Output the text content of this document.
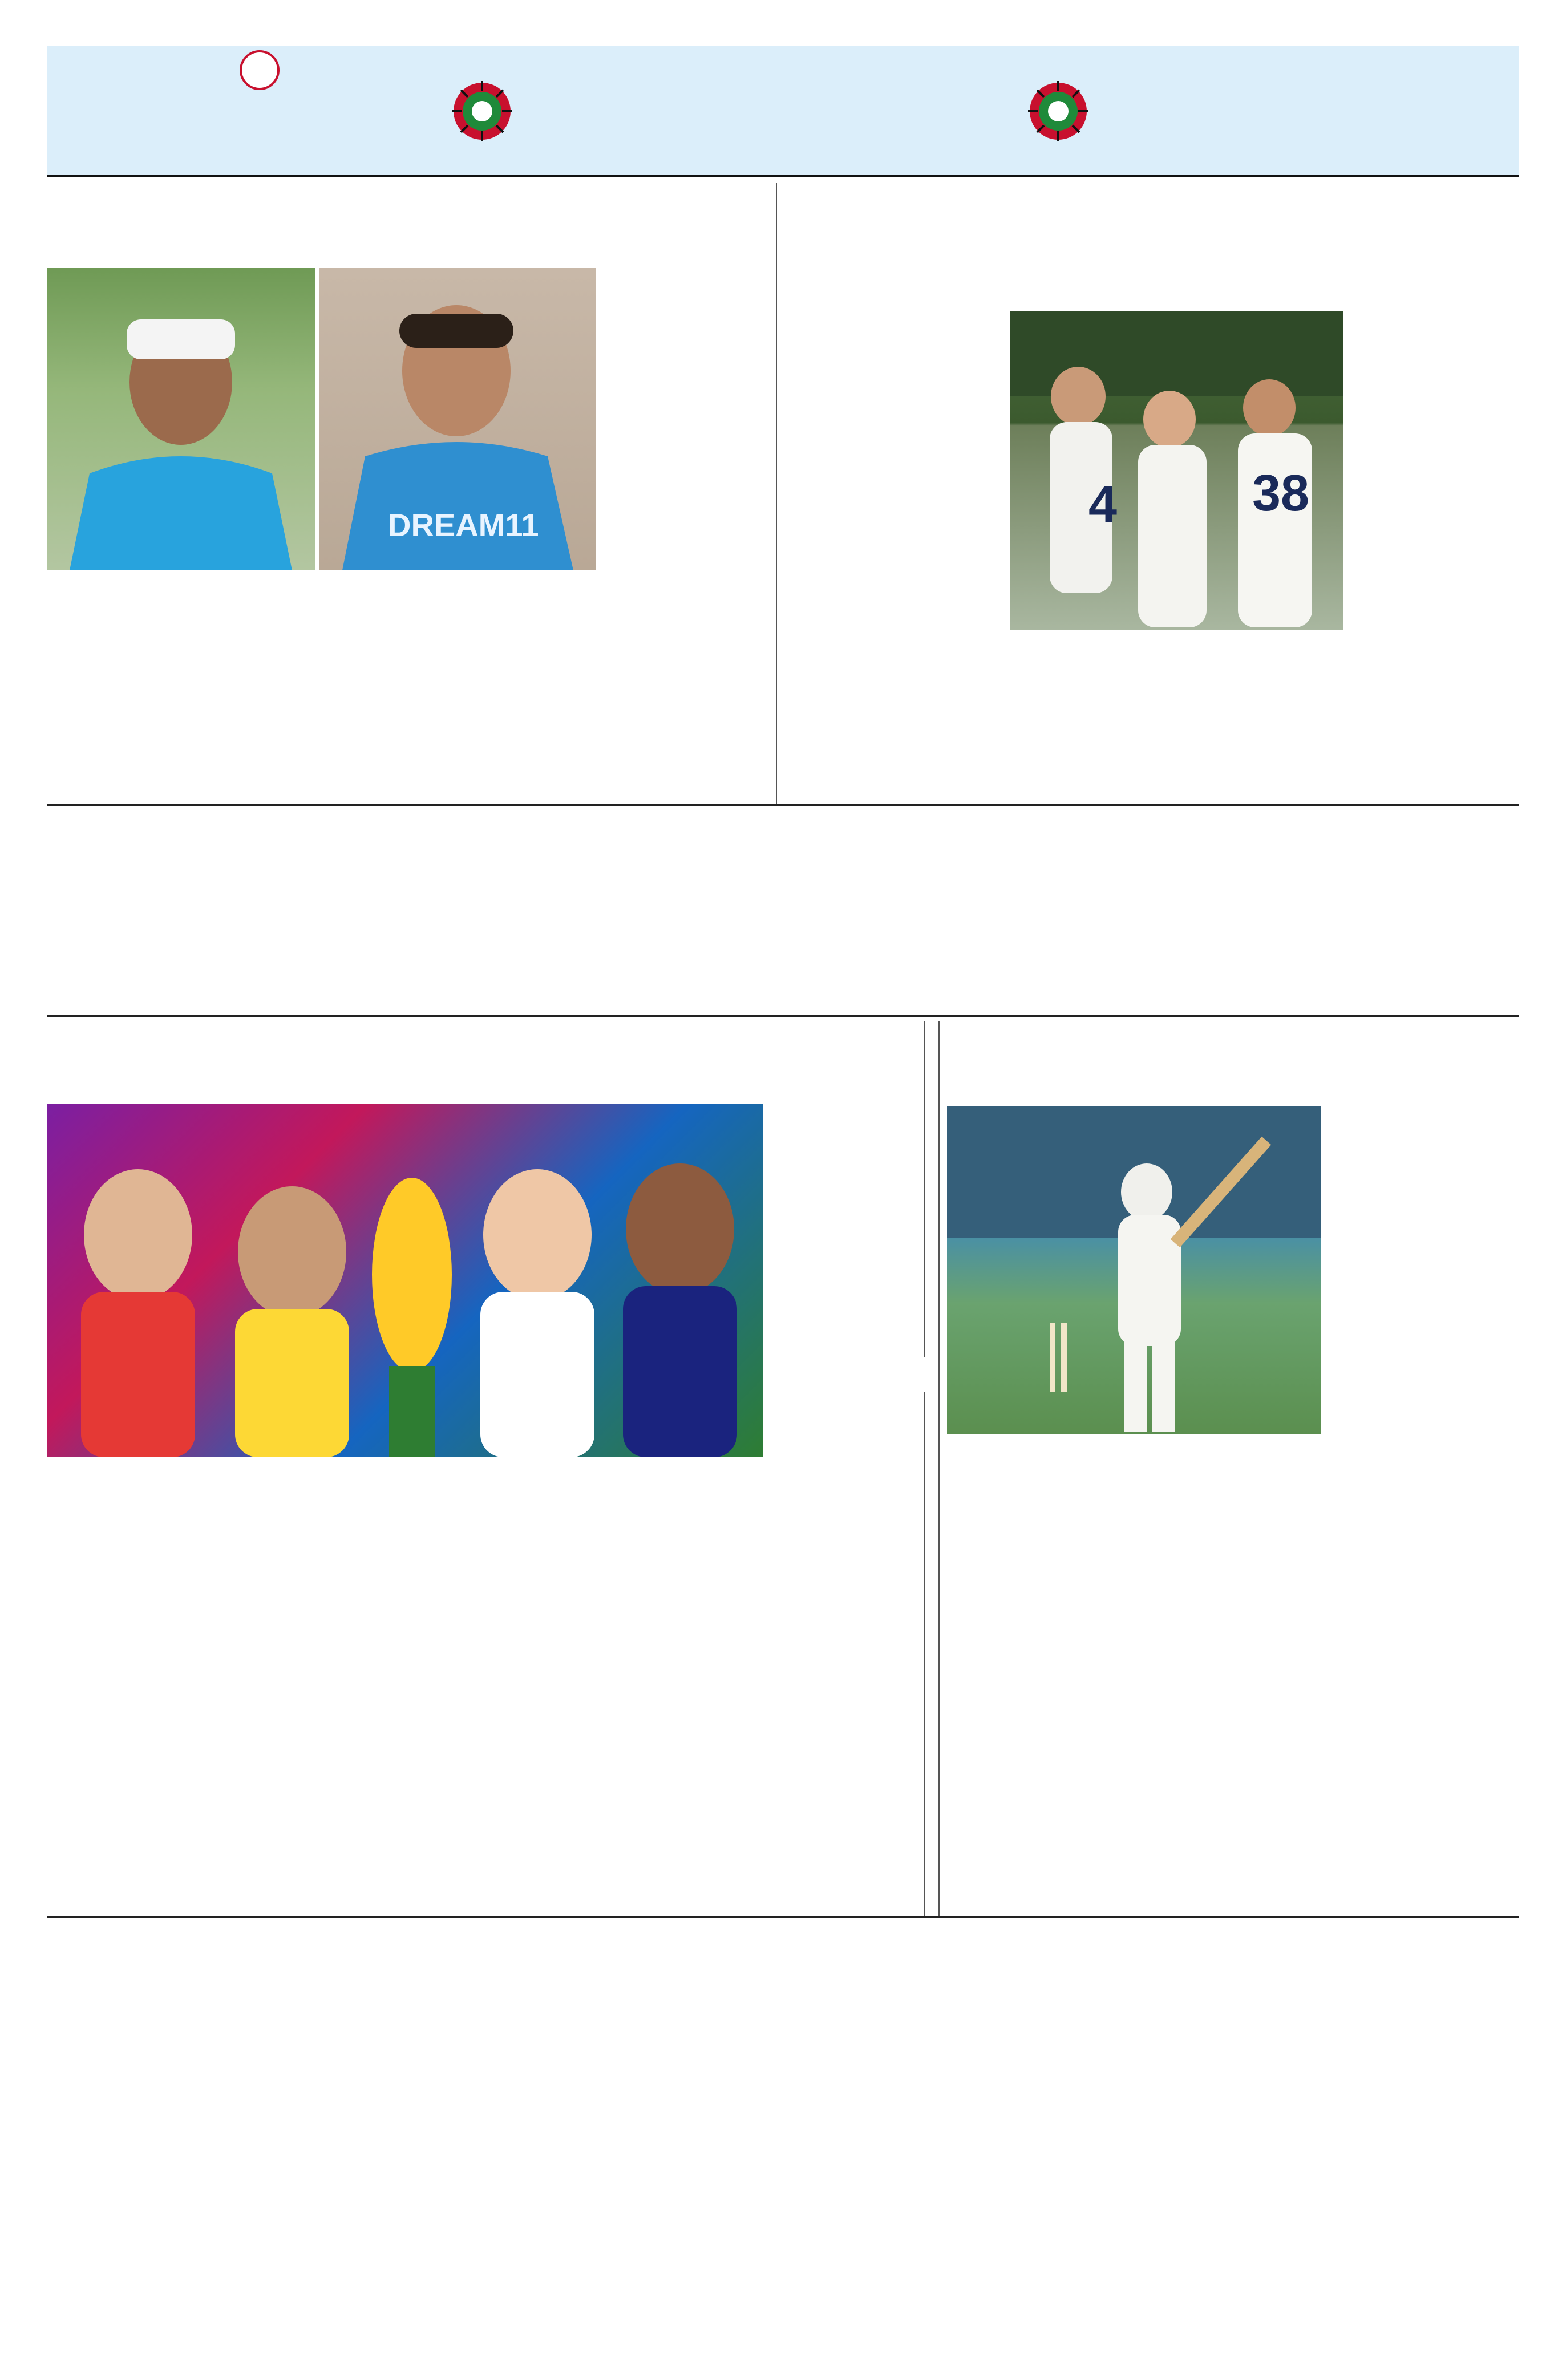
4	38
DREAM11
